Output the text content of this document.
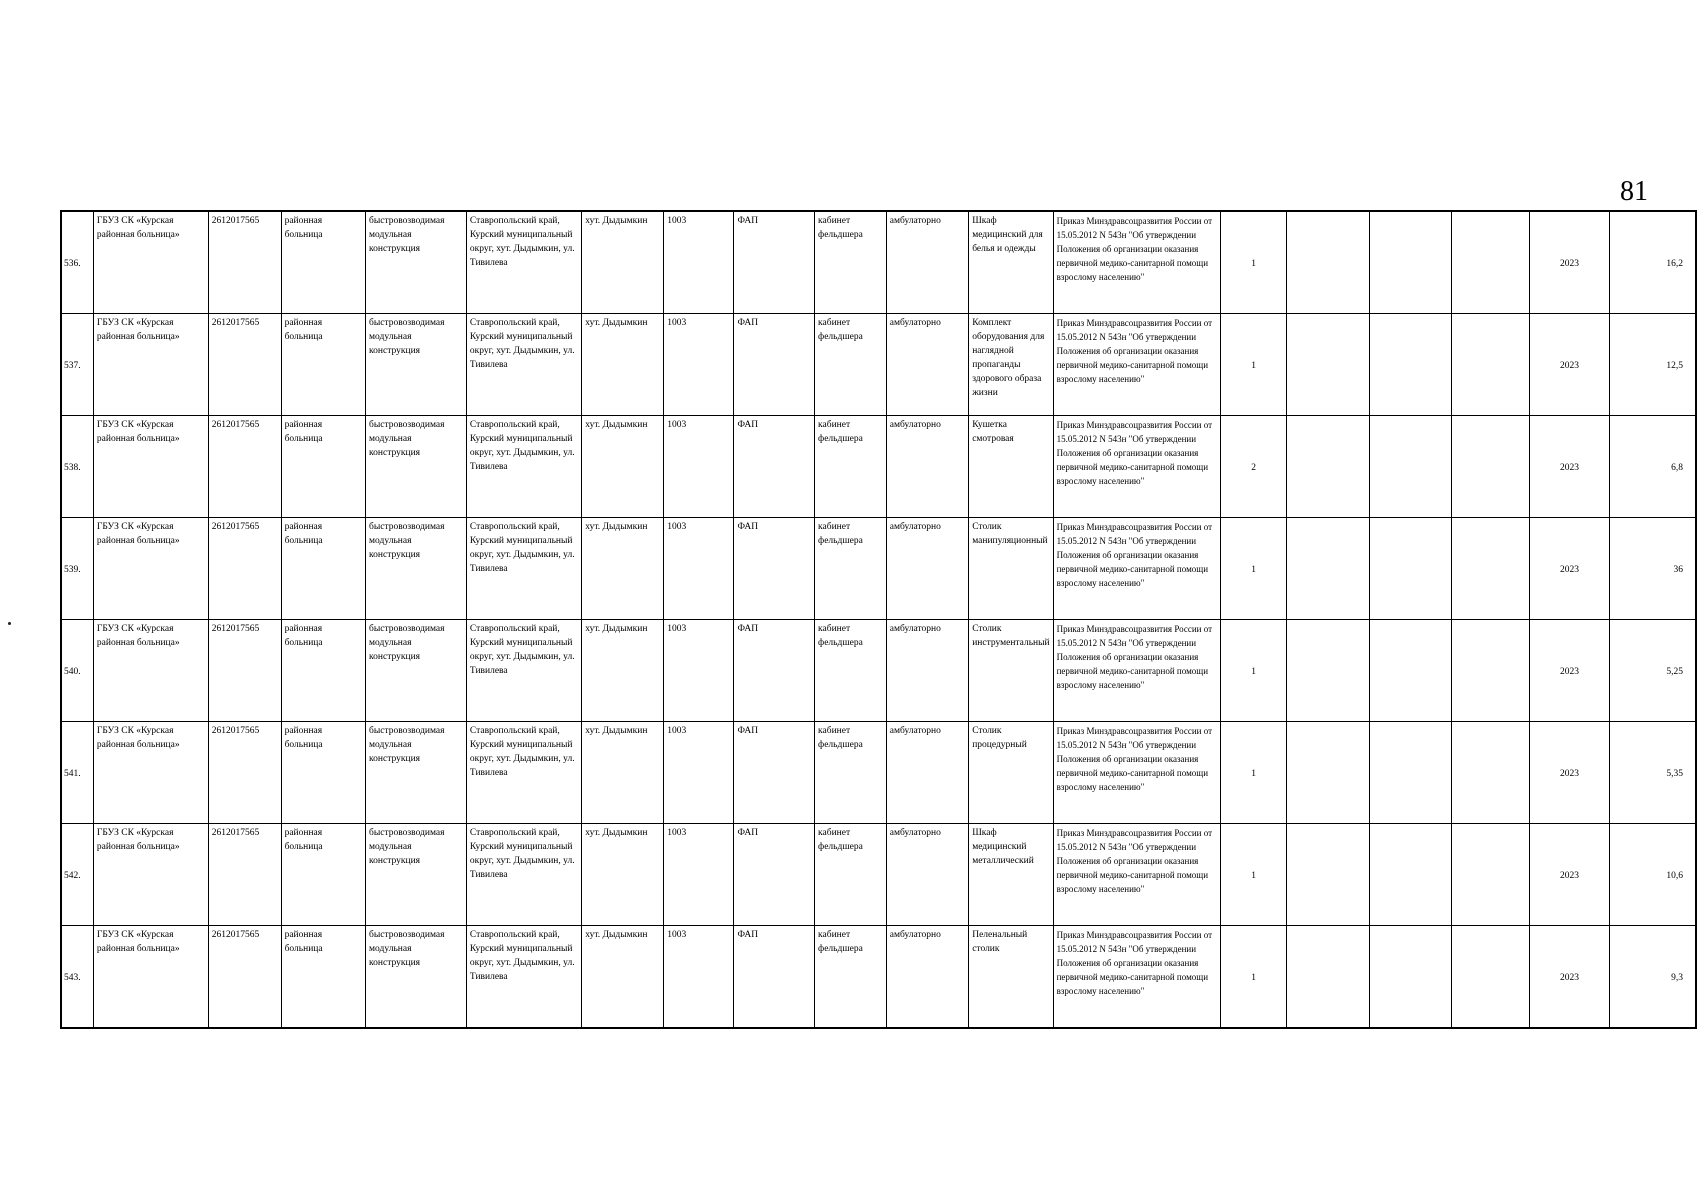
81
536.	ГБУЗ СК «Курская районная больница»	2612017565	районная больница	быстровозводимая модульная конструкция	Ставропольский край, Курский муниципальный округ, хут. Дыдымкин, ул. Тивилева	хут. Дыдымкин	1003	ФАП	кабинет фельдшера	амбулаторно	Шкаф медицинский для белья и одежды	Приказ Минздравсоцразвития России от 15.05.2012 N 543н "Об утверждении Положения об организации оказания первичной медико-санитарной помощи взрослому населению"	1				2023	16,2
537.	ГБУЗ СК «Курская районная больница»	2612017565	районная больница	быстровозводимая модульная конструкция	Ставропольский край, Курский муниципальный округ, хут. Дыдымкин, ул. Тивилева	хут. Дыдымкин	1003	ФАП	кабинет фельдшера	амбулаторно	Комплект оборудования для наглядной пропаганды здорового образа жизни	Приказ Минздравсоцразвития России от 15.05.2012 N 543н "Об утверждении Положения об организации оказания первичной медико-санитарной помощи взрослому населению"	1				2023	12,5
538.	ГБУЗ СК «Курская районная больница»	2612017565	районная больница	быстровозводимая модульная конструкция	Ставропольский край, Курский муниципальный округ, хут. Дыдымкин, ул. Тивилева	хут. Дыдымкин	1003	ФАП	кабинет фельдшера	амбулаторно	Кушетка смотровая	Приказ Минздравсоцразвития России от 15.05.2012 N 543н "Об утверждении Положения об организации оказания первичной медико-санитарной помощи взрослому населению"	2				2023	6,8
539.	ГБУЗ СК «Курская районная больница»	2612017565	районная больница	быстровозводимая модульная конструкция	Ставропольский край, Курский муниципальный округ, хут. Дыдымкин, ул. Тивилева	хут. Дыдымкин	1003	ФАП	кабинет фельдшера	амбулаторно	Столик манипуляционный	Приказ Минздравсоцразвития России от 15.05.2012 N 543н "Об утверждении Положения об организации оказания первичной медико-санитарной помощи взрослому населению"	1				2023	36
540.	ГБУЗ СК «Курская районная больница»	2612017565	районная больница	быстровозводимая модульная конструкция	Ставропольский край, Курский муниципальный округ, хут. Дыдымкин, ул. Тивилева	хут. Дыдымкин	1003	ФАП	кабинет фельдшера	амбулаторно	Столик инструментальный	Приказ Минздравсоцразвития России от 15.05.2012 N 543н "Об утверждении Положения об организации оказания первичной медико-санитарной помощи взрослому населению"	1				2023	5,25
541.	ГБУЗ СК «Курская районная больница»	2612017565	районная больница	быстровозводимая модульная конструкция	Ставропольский край, Курский муниципальный округ, хут. Дыдымкин, ул. Тивилева	хут. Дыдымкин	1003	ФАП	кабинет фельдшера	амбулаторно	Столик процедурный	Приказ Минздравсоцразвития России от 15.05.2012 N 543н "Об утверждении Положения об организации оказания первичной медико-санитарной помощи взрослому населению"	1				2023	5,35
542.	ГБУЗ СК «Курская районная больница»	2612017565	районная больница	быстровозводимая модульная конструкция	Ставропольский край, Курский муниципальный округ, хут. Дыдымкин, ул. Тивилева	хут. Дыдымкин	1003	ФАП	кабинет фельдшера	амбулаторно	Шкаф медицинский металлический	Приказ Минздравсоцразвития России от 15.05.2012 N 543н "Об утверждении Положения об организации оказания первичной медико-санитарной помощи взрослому населению"	1				2023	10,6
543.	ГБУЗ СК «Курская районная больница»	2612017565	районная больница	быстровозводимая модульная конструкция	Ставропольский край, Курский муниципальный округ, хут. Дыдымкин, ул. Тивилева	хут. Дыдымкин	1003	ФАП	кабинет фельдшера	амбулаторно	Пеленальный столик	Приказ Минздравсоцразвития России от 15.05.2012 N 543н "Об утверждении Положения об организации оказания первичной медико-санитарной помощи взрослому населению"	1				2023	9,3
